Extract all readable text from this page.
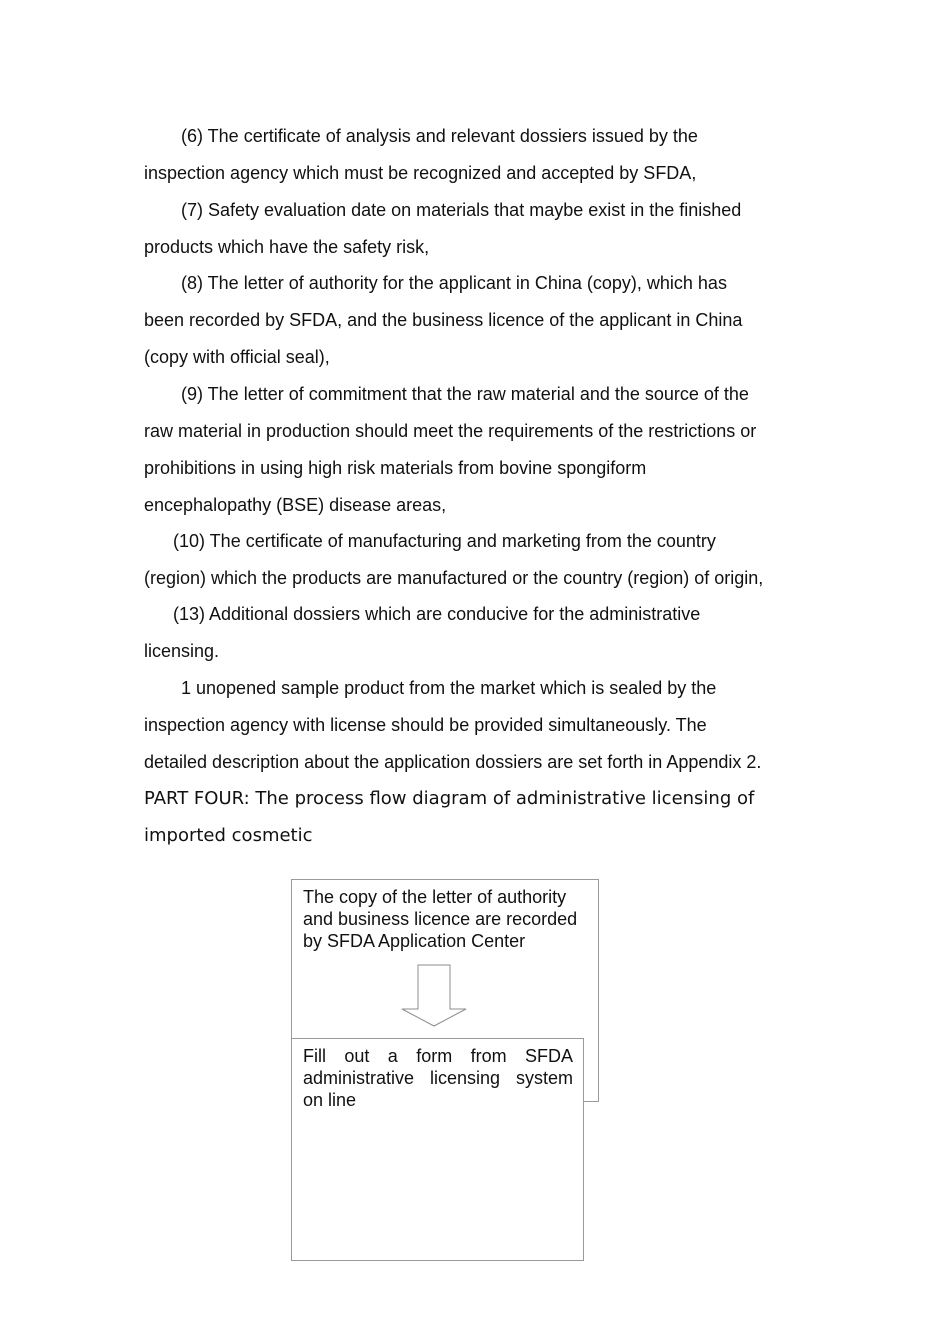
(6) The certificate of analysis and relevant dossiers issued by the
inspection agency which must be recognized and accepted by SFDA,

(7) Safety evaluation date on materials that maybe exist in the finished
products which have the safety risk,

(8) The letter of authority for the applicant in China (copy), which has
been recorded by SFDA, and the business licence of the applicant in China
(copy with official seal),

(9) The letter of commitment that the raw material and the source of the
raw material in production should meet the requirements of the restrictions or
prohibitions in using high risk materials from bovine spongiform
encephalopathy (BSE) disease areas,

(10) The certificate of manufacturing and marketing from the country
(region) which the products are manufactured or the country (region) of origin,

(13) Additional dossiers which are conducive for the administrative
licensing.

1 unopened sample product from the market which is sealed by the
inspection agency with license should be provided simultaneously. The
detailed description about the application dossiers are set forth in Appendix 2.

PART FOUR: The process flow diagram of administrative licensing of
imported cosmetic

The copy of the letter of authority and business licence are recorded by SFDA Application Center

Fill out a form from SFDA administrative licensing system on line
